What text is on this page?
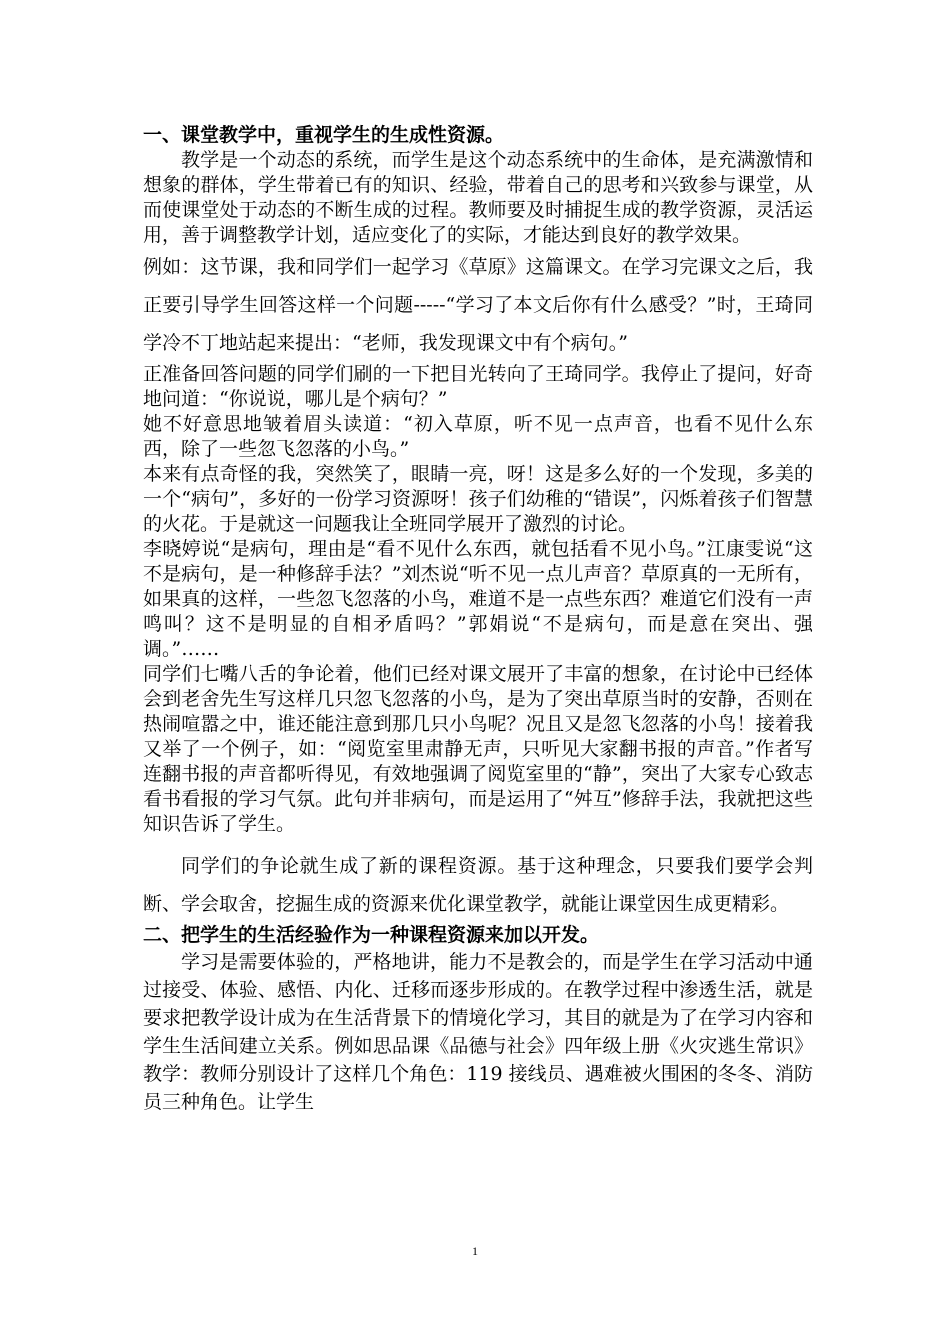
一、课堂教学中，重视学生的生成性资源。

教学是一个动态的系统，而学生是这个动态系统中的生命体，是充满激情和想象的群体，学生带着已有的知识、经验，带着自己的思考和兴致参与课堂，从而使课堂处于动态的不断生成的过程。教师要及时捕捉生成的教学资源，灵活运用，善于调整教学计划，适应变化了的实际，才能达到良好的教学效果。

例如：这节课，我和同学们一起学习《草原》这篇课文。在学习完课文之后，我正要引导学生回答这样一个问题-----“学习了本文后你有什么感受？”时，王琦同学冷不丁地站起来提出：“老师，我发现课文中有个病句。”

正准备回答问题的同学们刷的一下把目光转向了王琦同学。我停止了提问，好奇地问道：“你说说，哪儿是个病句？”

她不好意思地皱着眉头读道：“初入草原，听不见一点声音，也看不见什么东西，除了一些忽飞忽落的小鸟。”

本来有点奇怪的我，突然笑了，眼睛一亮，呀！这是多么好的一个发现，多美的一个“病句”，多好的一份学习资源呀！孩子们幼稚的“错误”，闪烁着孩子们智慧的火花。于是就这一问题我让全班同学展开了激烈的讨论。

李晓婷说“是病句，理由是“看不见什么东西，就包括看不见小鸟。”江康雯说“这不是病句，是一种修辞手法？”刘杰说“听不见一点儿声音？草原真的一无所有，如果真的这样，一些忽飞忽落的小鸟，难道不是一点些东西？难道它们没有一声鸣叫？这不是明显的自相矛盾吗？”郭娟说“不是病句，而是意在突出、强调。”……

同学们七嘴八舌的争论着，他们已经对课文展开了丰富的想象，在讨论中已经体会到老舍先生写这样几只忽飞忽落的小鸟，是为了突出草原当时的安静，否则在热闹喧嚣之中，谁还能注意到那几只小鸟呢？况且又是忽飞忽落的小鸟！接着我又举了一个例子，如：“阅览室里肃静无声，只听见大家翻书报的声音。”作者写连翻书报的声音都听得见，有效地强调了阅览室里的“静”，突出了大家专心致志看书看报的学习气氛。此句并非病句，而是运用了“舛互”修辞手法，我就把这些知识告诉了学生。

同学们的争论就生成了新的课程资源。基于这种理念，只要我们要学会判断、学会取舍，挖掘生成的资源来优化课堂教学，就能让课堂因生成更精彩。

二、把学生的生活经验作为一种课程资源来加以开发。

学习是需要体验的，严格地讲，能力不是教会的，而是学生在学习活动中通过接受、体验、感悟、内化、迁移而逐步形成的。在教学过程中渗透生活，就是要求把教学设计成为在生活背景下的情境化学习，其目的就是为了在学习内容和学生生活间建立关系。例如思品课《品德与社会》四年级上册《火灾逃生常识》教学：教师分别设计了这样几个角色：119 接线员、遇难被火围困的冬冬、消防员三种角色。让学生

1
